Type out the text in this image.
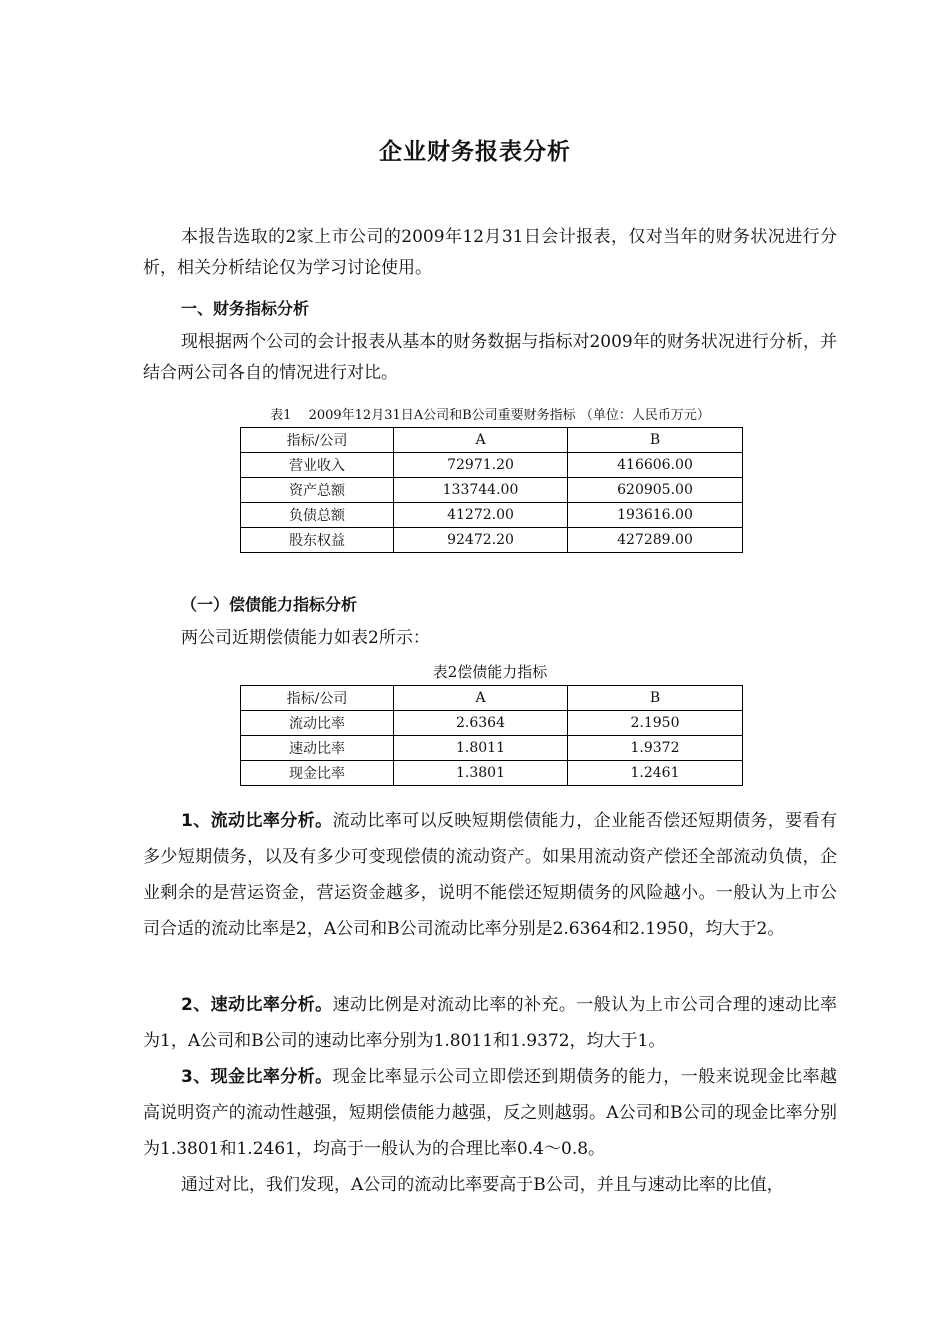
企业财务报表分析
本报告选取的2家上市公司的2009年12月31日会计报表，仅对当年的财务状况进行分析，相关分析结论仅为学习讨论使用。
一、财务指标分析
现根据两个公司的会计报表从基本的财务数据与指标对2009年的财务状况进行分析，并结合两公司各自的情况进行对比。
表1　 2009年12月31日A公司和B公司重要财务指标 （单位：人民币万元）
指标/公司	A	B
营业收入	72971.20	416606.00
资产总额	133744.00	620905.00
负债总额	41272.00	193616.00
股东权益	92472.20	427289.00
（一）偿债能力指标分析
两公司近期偿债能力如表2所示：
表2偿债能力指标
指标/公司	A	B
流动比率	2.6364	2.1950
速动比率	1.8011	1.9372
现金比率	1.3801	1.2461
1、流动比率分析。流动比率可以反映短期偿债能力，企业能否偿还短期债务，要看有多少短期债务，以及有多少可变现偿债的流动资产。如果用流动资产偿还全部流动负债，企业剩余的是营运资金，营运资金越多，说明不能偿还短期债务的风险越小。一般认为上市公司合适的流动比率是2，A公司和B公司流动比率分别是2.6364和2.1950，均大于2。
2、速动比率分析。速动比例是对流动比率的补充。一般认为上市公司合理的速动比率为1，A公司和B公司的速动比率分别为1.8011和1.9372，均大于1。
3、现金比率分析。现金比率显示公司立即偿还到期债务的能力，一般来说现金比率越高说明资产的流动性越强，短期偿债能力越强，反之则越弱。A公司和B公司的现金比率分别为1.3801和1.2461，均高于一般认为的合理比率0.4～0.8。
通过对比，我们发现，A公司的流动比率要高于B公司，并且与速动比率的比值，
